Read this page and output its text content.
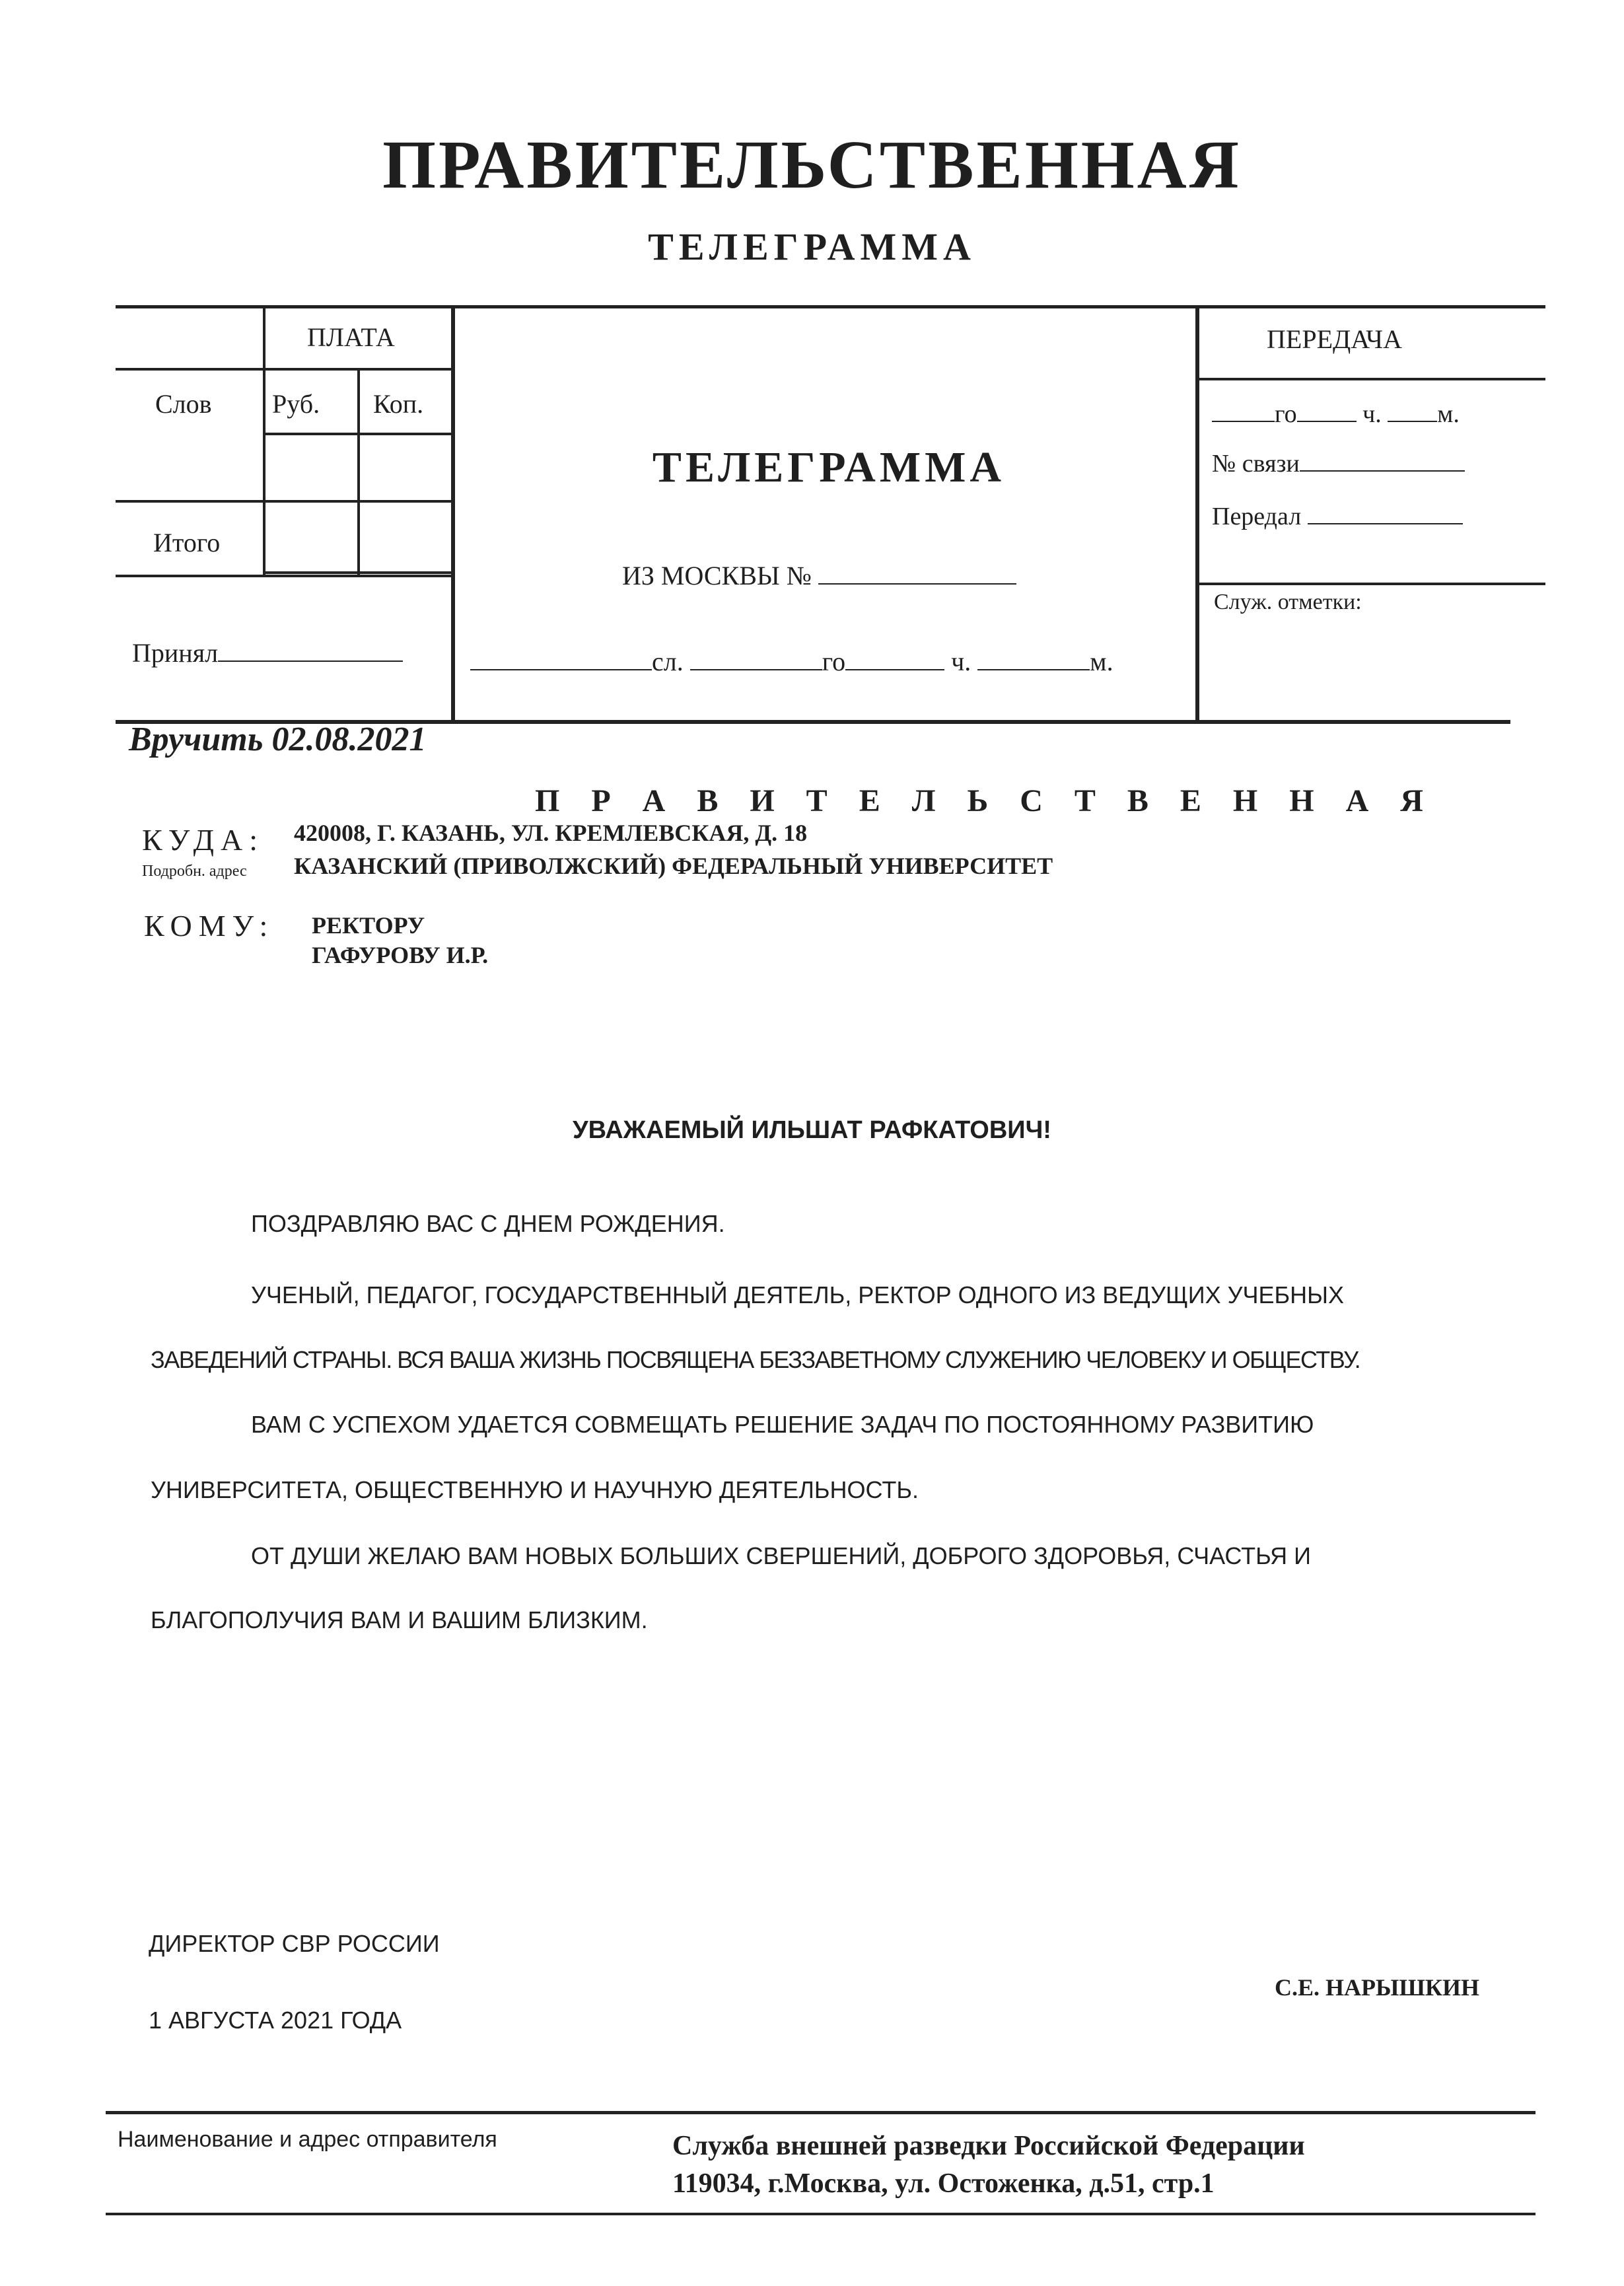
ПРАВИТЕЛЬСТВЕННАЯ
ТЕЛЕГРАММА
ПЛАТА
Слов Руб. Коп.
Итого
Принял
ТЕЛЕГРАММА
ИЗ МОСКВЫ №
сл.	го	ч.	м.
ПЕРЕДАЧА
го	ч. м.
№ связи
Передал
Служ. отметки:
Вручить 02.08.2021
П Р А В И Т Е Л Ь С Т В Е Н Н А Я
КУДА:
Подробн. адрес
420008, Г. КАЗАНЬ, УЛ. КРЕМЛЕВСКАЯ, Д. 18
КАЗАНСКИЙ (ПРИВОЛЖСКИЙ) ФЕДЕРАЛЬНЫЙ УНИВЕРСИТЕТ
КОМУ: РЕКТОРУ
ГАФУРОВУ И.Р.
УВАЖАЕМЫЙ ИЛЬШАТ РАФКАТОВИЧ!
ПОЗДРАВЛЯЮ ВАС С ДНЕМ РОЖДЕНИЯ.
УЧЕНЫЙ, ПЕДАГОГ, ГОСУДАРСТВЕННЫЙ ДЕЯТЕЛЬ, РЕКТОР ОДНОГО ИЗ ВЕДУЩИХ УЧЕБНЫХ
ЗАВЕДЕНИЙ СТРАНЫ. ВСЯ ВАША ЖИЗНЬ ПОСВЯЩЕНА БЕЗЗАВЕТНОМУ СЛУЖЕНИЮ ЧЕЛОВЕКУ И ОБЩЕСТВУ.
ВАМ С УСПЕХОМ УДАЕТСЯ СОВМЕЩАТЬ РЕШЕНИЕ ЗАДАЧ ПО ПОСТОЯННОМУ РАЗВИТИЮ
УНИВЕРСИТЕТА, ОБЩЕСТВЕННУЮ И НАУЧНУЮ ДЕЯТЕЛЬНОСТЬ.
ОТ ДУШИ ЖЕЛАЮ ВАМ НОВЫХ БОЛЬШИХ СВЕРШЕНИЙ, ДОБРОГО ЗДОРОВЬЯ, СЧАСТЬЯ И
БЛАГОПОЛУЧИЯ ВАМ И ВАШИМ БЛИЗКИМ.
ДИРЕКТОР СВР РОССИИ
С.Е. НАРЫШКИН
1 АВГУСТА 2021 ГОДА
Наименование и адрес отправителя	Служба внешней разведки Российской Федерации
119034, г.Москва, ул. Остоженка, д.51, стр.1
